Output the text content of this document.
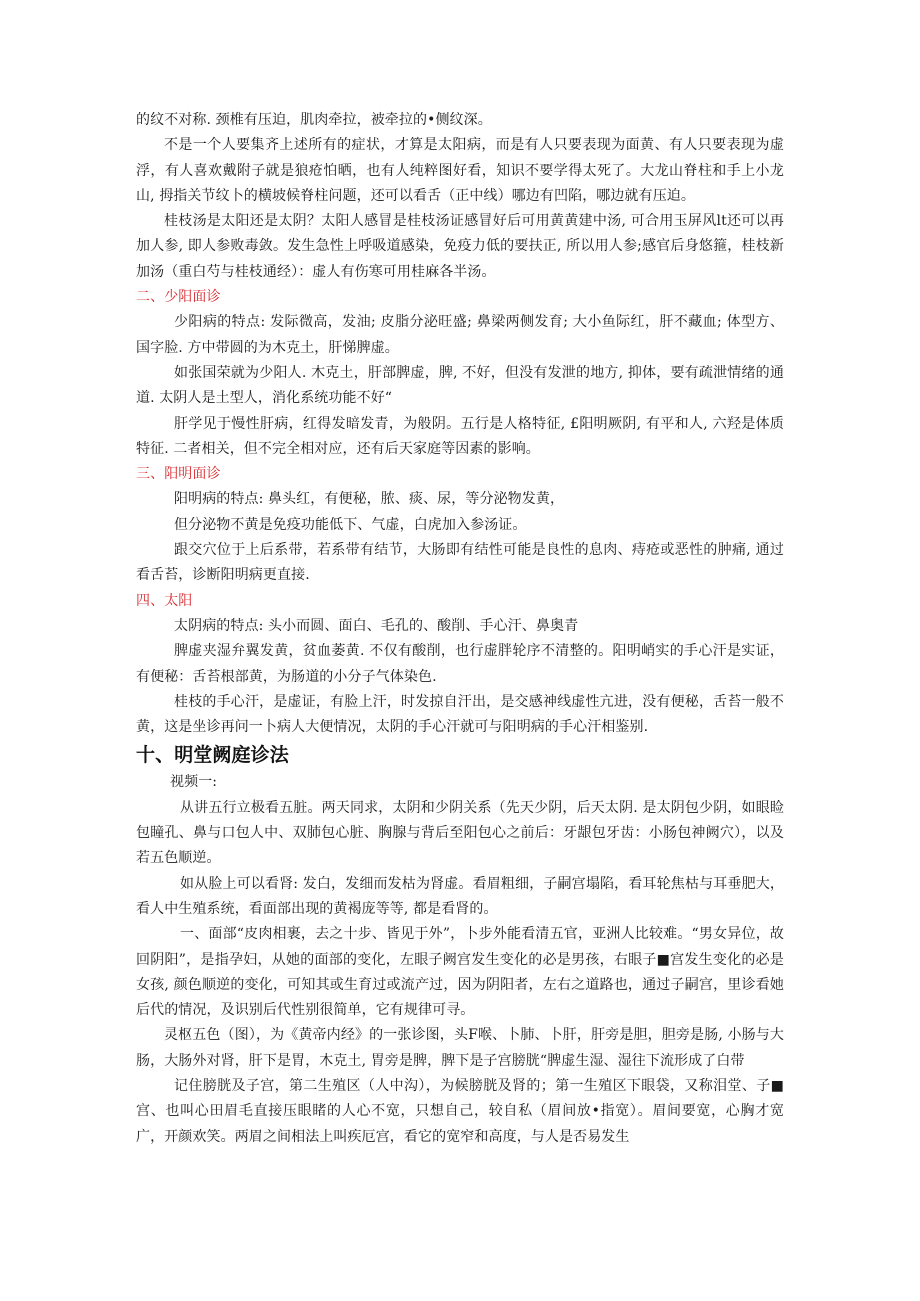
的纹不对称. 颈椎有压迫，肌肉牵拉，被牵拉的•侧纹深。

不是一个人要集齐上述所有的症状，才算是太阳病，而是有人只要表现为面黄、有人只要表现为虚浮，有人喜欢戴附子就是狼疮怕晒，也有人纯粹图好看，知识不要学得太死了。大龙山脊柱和手上小龙山, 拇指关节纹卜的横坡候脊柱问题，还可以看舌（正中线）哪边有凹陷，哪边就有压迫。

桂枝汤是太阳还是太阴？太阳人感冒是桂枝汤证感冒好后可用黄黄建中汤, 可合用玉屏风lt还可以再加人参, 即人参败毒敛。发生急性上呼吸道感染，免疫力低的要扶正, 所以用人参;感官后身悠箍，桂枝新加汤（重白芍与桂枝通经）：虚人有伤寒可用桂麻各半汤。

二、少阳面诊

少阳病的特点: 发际微高，发油; 皮脂分泌旺盛; 鼻梁两侧发育; 大小鱼际红，肝不藏血; 体型方、国字脸. 方中带圆的为木克土，肝悌脾虚。

如张国荣就为少阳人. 木克土，肝部脾虚，脾, 不好，但没有发泄的地方, 抑体，要有疏泄情绪的通道. 太阴人是土型人，消化系统功能不好“

肝学见于慢性肝病，红得发暗发青，为般阴。五行是人格特征, £阳明厥阴, 有平和人, 六羟是体质特征. 二者相关，但不完全相对应，还有后天家庭等因素的影响。

三、阳明面诊

阳明病的特点: 鼻头红，有便秘，脓、痰、尿，等分泌物发黄，

但分泌物不黄是免疫功能低下、气虚，白虎加入参汤证。

跟交穴位于上后系带，若系带有结节，大肠即有结性可能是良性的息肉、痔疮或恶性的肿痛, 通过看舌苔，诊断阳明病更直接.

四、太阳

太阴病的特点: 头小而圆、面白、毛孔的、酸削、手心汗、鼻奥青

脾虚夹湿弁翼发黄，贫血萎黄. 不仅有酸削，也行虚胖轮序不清整的。阳明峭实的手心汗是实证，有便秘：舌苔根部黄，为肠道的小分子气体染色.

桂枝的手心汗，是虚证，有脸上汗，时发掠自汗出，是交感神线虚性亢进，没有便秘，舌苔一般不黄，这是坐诊再问一卜病人大便情况，太阴的手心汗就可与阳明病的手心汗相鉴别.

十、明堂阙庭诊法

视频一:

从讲五行立极看五脏。两天同求，太阴和少阴关系（先天少阴，后天太阴. 是太阴包少阴，如眼睑包瞳孔、鼻与口包人中、双肺包心脏、胸腺与背后至阳包心之前后：牙龈包牙齿：小肠包神阙穴），以及若五色顺逆。

如从脸上可以看肾: 发白，发细而发枯为肾虚。看眉粗细，子嗣宫塌陷，看耳轮焦枯与耳垂肥大，看人中生殖系统，看面部出现的黄褐庞等等, 都是看肾的。

一、面部“皮肉相裹，去之十步、皆见于外”，卜步外能看清五官，亚洲人比较难。“男女异位，故回阴阳”，是指孕妇，从她的面部的变化，左眼子阙宫发生变化的必是男孩，右眼子■宫发生变化的必是女孩, 颜色顺逆的变化，可知其或生育过或流产过，因为阴阳者，左右之道路也，通过子嗣宫，里诊看她后代的情况，及识别后代性别很简单，它有规律可寻。

灵枢五色（图），为《黄帝内经》的一张诊图，头F喉、卜肺、卜肝，肝旁是胆，胆旁是肠, 小肠与大肠，大肠外对肾，肝下是胃，木克土, 胃旁是脾，脾下是子宫膀胱“脾虚生湿、湿往下流形成了白带

记住膀胱及子宫，第二生殖区（人中沟），为候膀胱及肾的；第一生殖区下眼袋，又称泪堂、子■宫、也叫心田眉毛直接压眼睹的人心不宽，只想自己，较自私（眉间放•指宽）。眉间要宽，心胸才宽广，开颜欢笑。两眉之间相法上叫疾厄宫，看它的宽窄和高度，与人是否易发生
